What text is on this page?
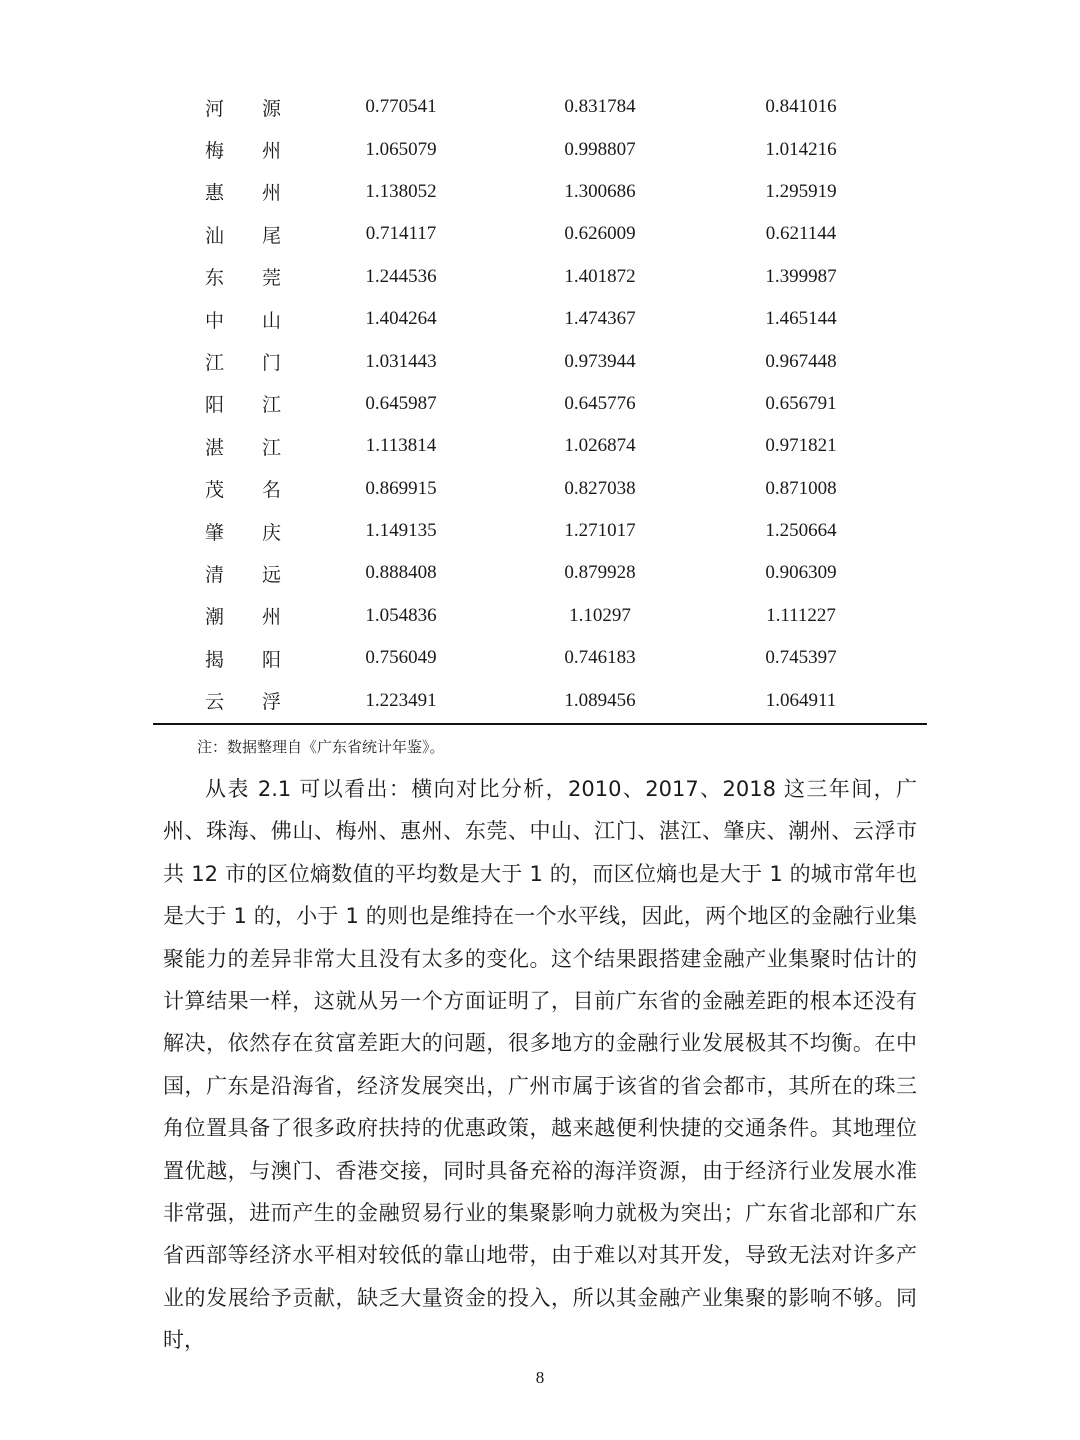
	河 源	0.770541	0.831784	0.841016	

	梅 州	1.065079	0.998807	1.014216	

	惠 州	1.138052	1.300686	1.295919	

	汕 尾	0.714117	0.626009	0.621144	

	东 莞	1.244536	1.401872	1.399987	

	中 山	1.404264	1.474367	1.465144	

	江 门	1.031443	0.973944	0.967448	

	阳 江	0.645987	0.645776	0.656791	

	湛 江	1.113814	1.026874	0.971821	

	茂 名	0.869915	0.827038	0.871008	

	肇 庆	1.149135	1.271017	1.250664	

	清 远	0.888408	0.879928	0.906309	

	潮 州	1.054836	1.10297	1.111227	

	揭 阳	0.756049	0.746183	0.745397	

	云 浮	1.223491	1.089456	1.064911	
注：数据整理自《广东省统计年鉴》。

从表 2.1 可以看出：横向对比分析，2010、2017、2018 这三年间，广州、珠海、佛山、梅州、惠州、东莞、中山、江门、湛江、肇庆、潮州、云浮市共 12 市的区位熵数值的平均数是大于 1 的，而区位熵也是大于 1 的城市常年也是大于 1 的，小于 1 的则也是维持在一个水平线，因此，两个地区的金融行业集聚能力的差异非常大且没有太多的变化。这个结果跟搭建金融产业集聚时估计的计算结果一样，这就从另一个方面证明了，目前广东省的金融差距的根本还没有解决，依然存在贫富差距大的问题，很多地方的金融行业发展极其不均衡。在中国，广东是沿海省，经济发展突出，广州市属于该省的省会都市，其所在的珠三角位置具备了很多政府扶持的优惠政策，越来越便利快捷的交通条件。其地理位置优越，与澳门、香港交接，同时具备充裕的海洋资源，由于经济行业发展水准非常强，进而产生的金融贸易行业的集聚影响力就极为突出；广东省北部和广东省西部等经济水平相对较低的靠山地带，由于难以对其开发，导致无法对许多产业的发展给予贡献，缺乏大量资金的投入，所以其金融产业集聚的影响不够。同时，

8
